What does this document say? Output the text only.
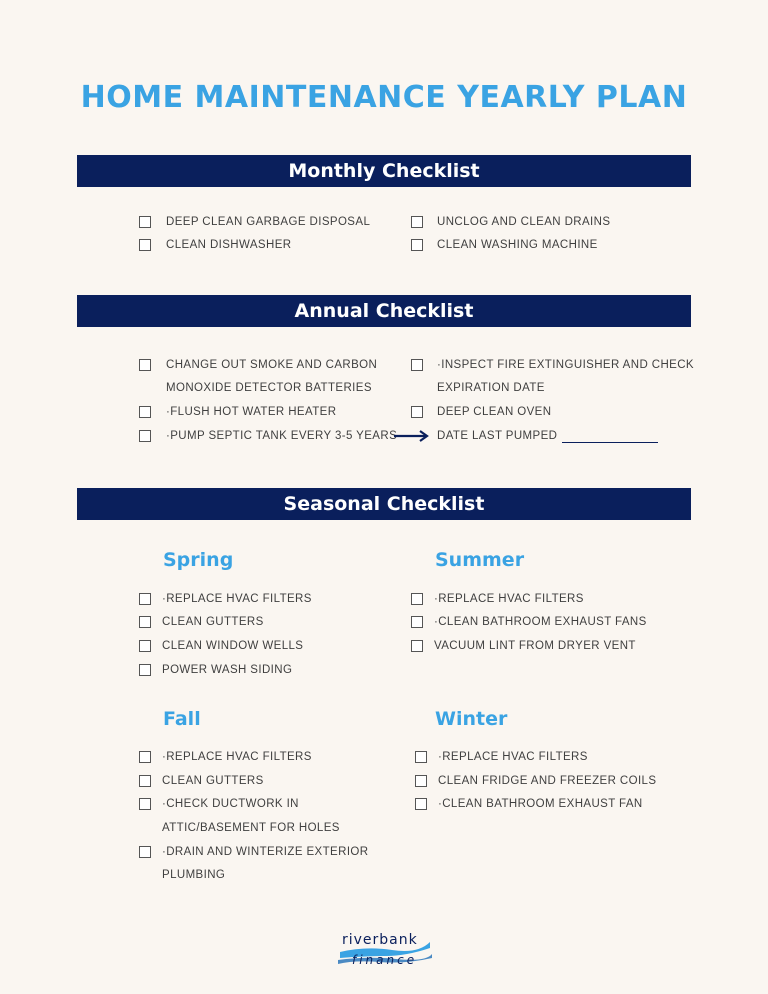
HOME MAINTENANCE YEARLY PLAN
Monthly Checklist
DEEP CLEAN GARBAGE DISPOSAL	UNCLOG AND CLEAN DRAINS
CLEAN DISHWASHER	CLEAN WASHING MACHINE
Annual Checklist
CHANGE OUT SMOKE AND CARBON
MONOXIDE DETECTOR BATTERIES
·INSPECT FIRE EXTINGUISHER AND CHECK
EXPIRATION DATE
·FLUSH HOT WATER HEATER	DEEP CLEAN OVEN
·PUMP SEPTIC TANK EVERY 3-5 YEARS	DATE LAST PUMPED
Seasonal Checklist
Spring	Summer
·REPLACE HVAC FILTERS
CLEAN GUTTERS
CLEAN WINDOW WELLS
POWER WASH SIDING
·REPLACE HVAC FILTERS
·CLEAN BATHROOM EXHAUST FANS
VACUUM LINT FROM DRYER VENT
Fall	Winter
·REPLACE HVAC FILTERS
CLEAN GUTTERS
·CHECK DUCTWORK IN
ATTIC/BASEMENT FOR HOLES
·DRAIN AND WINTERIZE EXTERIOR
PLUMBING
·REPLACE HVAC FILTERS
CLEAN FRIDGE AND FREEZER COILS
·CLEAN BATHROOM EXHAUST FAN
riverbank
finance
